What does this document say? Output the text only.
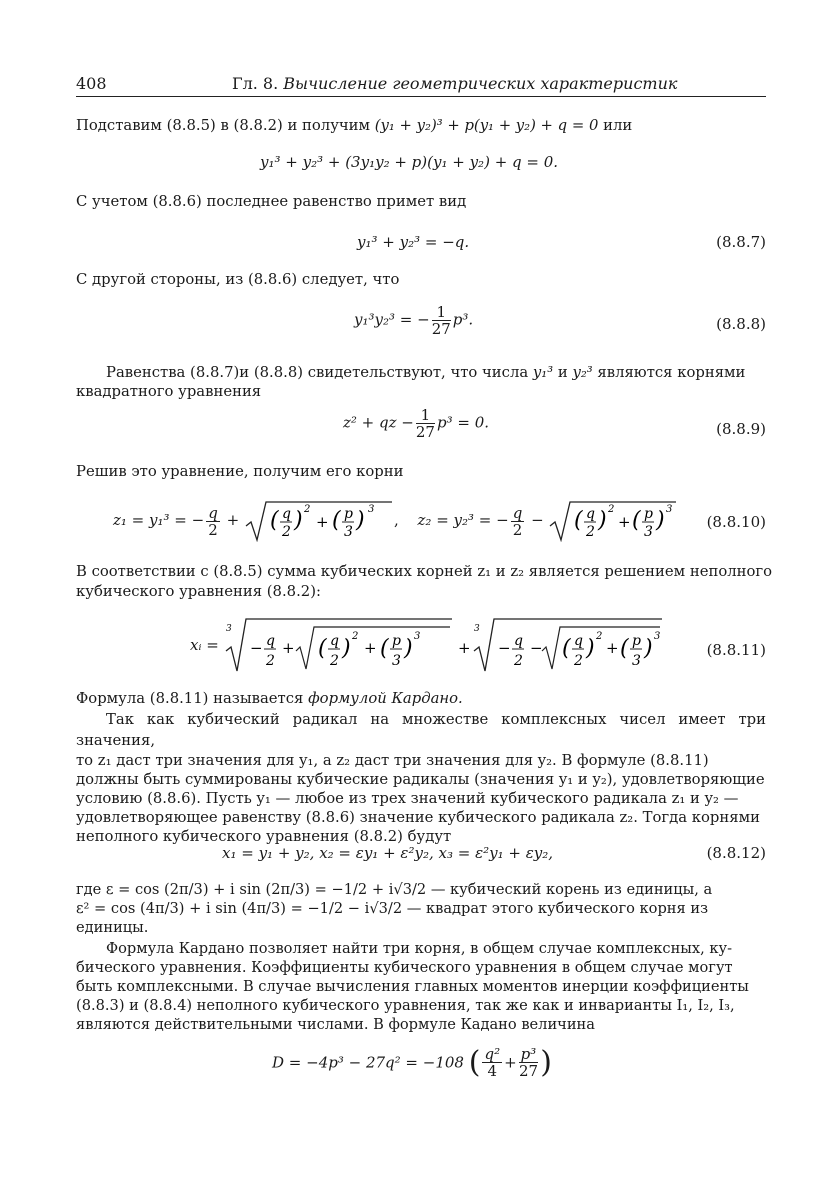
408	Гл. 8. Вычисление геометрических характеристик
Подставим (8.8.5) в (8.8.2) и получим (y₁ + y₂)³ + p(y₁ + y₂) + q = 0 или
y₁³ + y₂³ + (3y₁y₂ + p)(y₁ + y₂) + q = 0.
С учетом (8.8.6) последнее равенство примет вид
y₁³ + y₂³ = −q.	(8.8.7)
С другой стороны, из (8.8.6) следует, что
y₁³y₂³ = − $\frac{1}{27} p^3$.	(8.8.8)
Равенства (8.8.7)и (8.8.8) свидетельствуют, что числа y₁³ и y₂³ являются корнями
квадратного уравнения
z² + qz − $\frac{1}{27} p^3 = 0$.	(8.8.9)
Решив это уравнение, получим его корни
z₁ = y₁³ = − $\frac{q}{2}$ + ( q
2 ) 2
+ ( p
3 ) 3
, z₂ = y₂³ = − $\frac{q}{2}$ − ( q
2 ) 2
+ ( p
3 ) 3
(8.8.10)
В соответствии с (8.8.5) сумма кубических корней z₁ и z₂ является решением неполного
кубического уравнения (8.8.2):
xᵢ =
3
− q
2
+ ( q
2 ) 2
+ ( p
3 ) 3
+
3
− q
2
− ( q
2 ) 2
+ ( p
3 ) 3
(8.8.11)
Формула (8.8.11) называется формулой Кардано.
Так как кубический радикал на множестве комплексных чисел имеет три значения,
то z₁ даст три значения для y₁, а z₂ даст три значения для y₂. В формуле (8.8.11)
должны быть суммированы кубические радикалы (значения y₁ и y₂), удовлетворяющие
условию (8.8.6). Пусть y₁ — любое из трех значений кубического радикала z₁ и y₂ —
удовлетворяющее равенству (8.8.6) значение кубического радикала z₂. Тогда корнями
неполного кубического уравнения (8.8.2) будут
x₁ = y₁ + y₂, x₂ = εy₁ + ε²y₂, x₃ = ε²y₁ + εy₂,	(8.8.12)
где ε = cos (2π/3) + i sin (2π/3) = −1/2 + i√3/2 — кубический корень из единицы, а
ε² = cos (4π/3) + i sin (4π/3) = −1/2 − i√3/2 — квадрат этого кубического корня из
единицы.
Формула Кардано позволяет найти три корня, в общем случае комплексных, ку-
бического уравнения. Коэффициенты кубического уравнения в общем случае могут
быть комплексными. В случае вычисления главных моментов инерции коэффициенты
(8.8.3) и (8.8.4) неполного кубического уравнения, так же как и инварианты I₁, I₂, I₃,
являются действительными числами. В формуле Кадано величина
D = −4p³ − 27q² = −108 ( $\frac{\text{q²}}{4} + \frac{\text{p³}}{27}$ )
